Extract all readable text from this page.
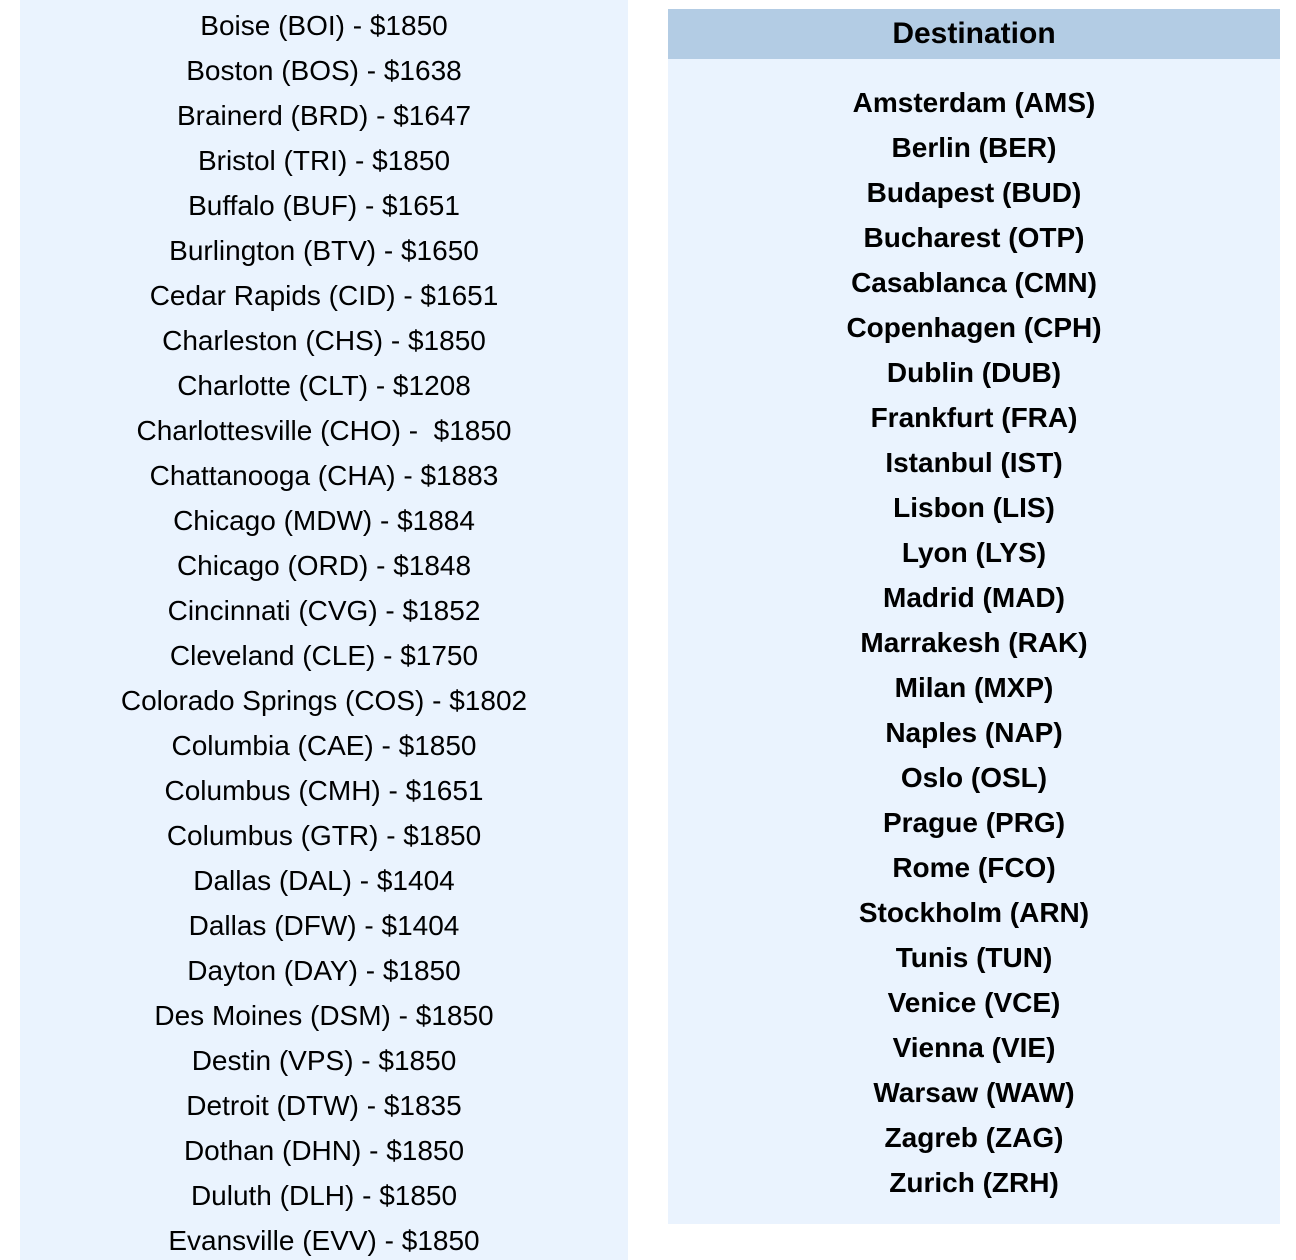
Boise (BOI) - $1850
Boston (BOS) - $1638
Brainerd (BRD) - $1647
Bristol (TRI) - $1850
Buffalo (BUF) - $1651
Burlington (BTV) - $1650
Cedar Rapids (CID) - $1651
Charleston (CHS) - $1850
Charlotte (CLT) - $1208
Charlottesville (CHO) -  $1850
Chattanooga (CHA) - $1883
Chicago (MDW) - $1884
Chicago (ORD) - $1848
Cincinnati (CVG) - $1852
Cleveland (CLE) - $1750
Colorado Springs (COS) - $1802
Columbia (CAE) - $1850
Columbus (CMH) - $1651
Columbus (GTR) - $1850
Dallas (DAL) - $1404
Dallas (DFW) - $1404
Dayton (DAY) - $1850
Des Moines (DSM) - $1850
Destin (VPS) - $1850
Detroit (DTW) - $1835
Dothan (DHN) - $1850
Duluth (DLH) - $1850
Evansville (EVV) - $1850
Destination
Amsterdam (AMS)
Berlin (BER)
Budapest (BUD)
Bucharest (OTP)
Casablanca (CMN)
Copenhagen (CPH)
Dublin (DUB)
Frankfurt (FRA)
Istanbul (IST)
Lisbon (LIS)
Lyon (LYS)
Madrid (MAD)
Marrakesh (RAK)
Milan (MXP)
Naples (NAP)
Oslo (OSL)
Prague (PRG)
Rome (FCO)
Stockholm (ARN)
Tunis (TUN)
Venice (VCE)
Vienna (VIE)
Warsaw (WAW)
Zagreb (ZAG)
Zurich (ZRH)
